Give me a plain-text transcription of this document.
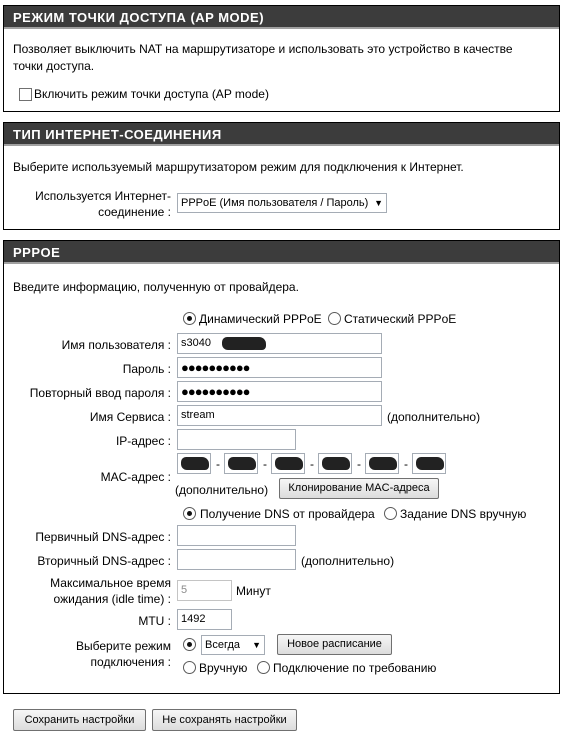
РЕЖИМ ТОЧКИ ДОСТУПА (AP MODE)
Позволяет выключить NAT на маршрутизаторе и использовать это устройство в качестве точки доступа.
Включить режим точки доступа (AP mode)
ТИП ИНТЕРНЕТ-СОЕДИНЕНИЯ
Выберите используемый маршрутизатором режим для подключения к Интернет.
Используется Интернет-
соединение :
PPPoE (Имя пользователя / Пароль) ▼
PPPOE
Введите информацию, полученную от провайдера.
Динамический PPPoE Статический PPPoE
Имя пользователя : s3040
Пароль : ●●●●●●●●●●
Повторный ввод пароля : ●●●●●●●●●●
Имя Сервиса : stream	(дополнительно)
IP-адрес :
MAC-адрес :
-	-	-	-	-
(дополнительно)	Клонирование MAC-адреса
Получение DNS от провайдера Задание DNS вручную
Первичный DNS-адрес :
Вторичный DNS-адрес :	(дополнительно)
Максимальное время
ожидания (idle time) :
5	Минут
MTU : 1492
Выберите режим
подключения :
Всегда ▼	Новое расписание
Вручную Подключение по требованию
Сохранить настройки	Не сохранять настройки
